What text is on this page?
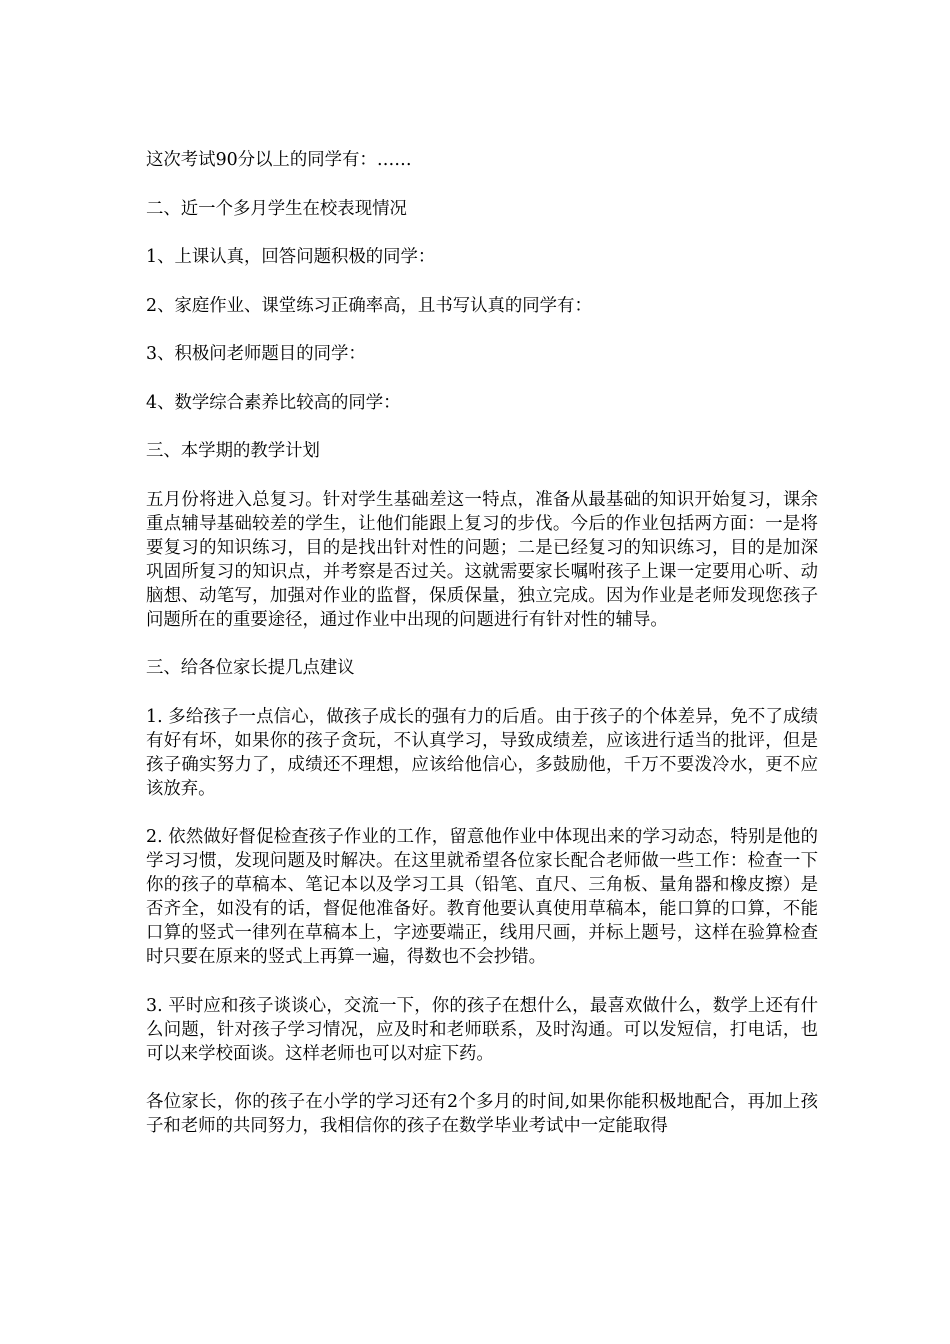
这次考试90分以上的同学有：……

二、近一个多月学生在校表现情况

1、上课认真，回答问题积极的同学：

2、家庭作业、课堂练习正确率高，且书写认真的同学有：

3、积极问老师题目的同学：

4、数学综合素养比较高的同学：

三、本学期的教学计划

五月份将进入总复习。针对学生基础差这一特点，准备从最基础的知识开始复习，课余重点辅导基础较差的学生，让他们能跟上复习的步伐。今后的作业包括两方面：一是将要复习的知识练习，目的是找出针对性的问题；二是已经复习的知识练习，目的是加深巩固所复习的知识点，并考察是否过关。这就需要家长嘱咐孩子上课一定要用心听、动脑想、动笔写，加强对作业的监督，保质保量，独立完成。因为作业是老师发现您孩子问题所在的重要途径，通过作业中出现的问题进行有针对性的辅导。

三、给各位家长提几点建议

1. 多给孩子一点信心，做孩子成长的强有力的后盾。由于孩子的个体差异，免不了成绩有好有坏，如果你的孩子贪玩，不认真学习，导致成绩差，应该进行适当的批评，但是孩子确实努力了，成绩还不理想，应该给他信心，多鼓励他，千万不要泼冷水，更不应该放弃。

2. 依然做好督促检查孩子作业的工作，留意他作业中体现出来的学习动态，特别是他的学习习惯，发现问题及时解决。在这里就希望各位家长配合老师做一些工作：检查一下你的孩子的草稿本、笔记本以及学习工具（铅笔、直尺、三角板、量角器和橡皮擦）是否齐全，如没有的话，督促他准备好。教育他要认真使用草稿本，能口算的口算，不能口算的竖式一律列在草稿本上，字迹要端正，线用尺画，并标上题号，这样在验算检查时只要在原来的竖式上再算一遍，得数也不会抄错。

3. 平时应和孩子谈谈心，交流一下，你的孩子在想什么，最喜欢做什么，数学上还有什么问题，针对孩子学习情况，应及时和老师联系，及时沟通。可以发短信，打电话，也可以来学校面谈。这样老师也可以对症下药。

各位家长，你的孩子在小学的学习还有2个多月的时间,如果你能积极地配合，再加上孩子和老师的共同努力，我相信你的孩子在数学毕业考试中一定能取得
